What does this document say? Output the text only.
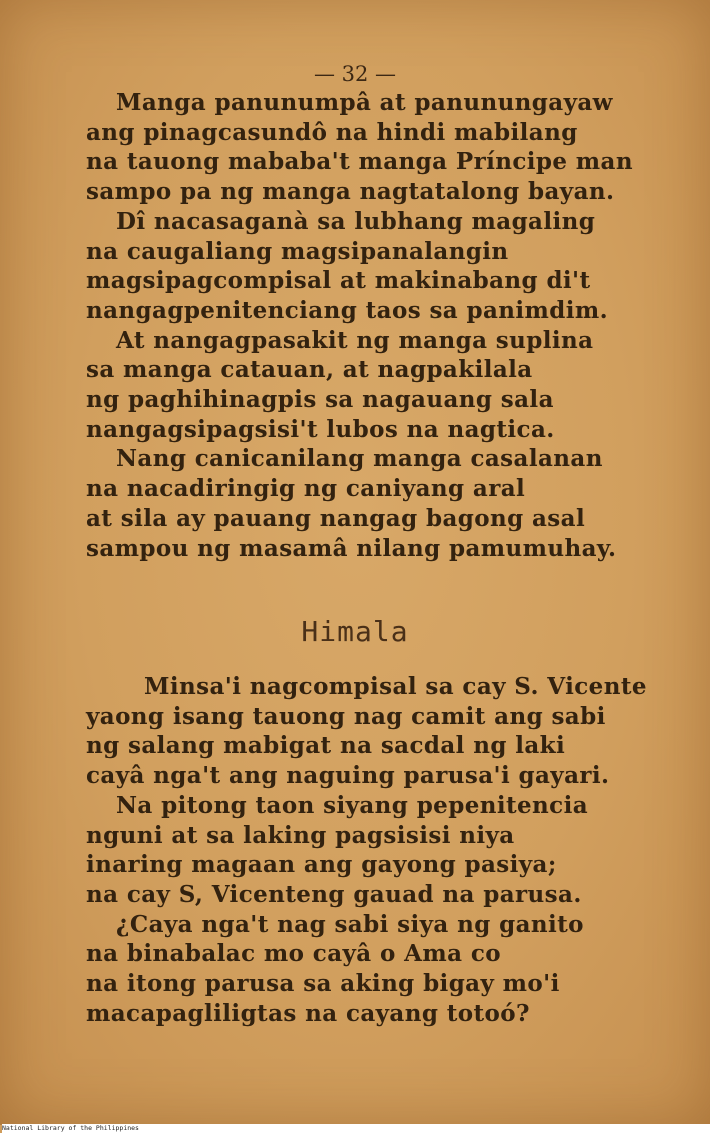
— 32 —
Manga panunumpâ at panunungayaw
ang pinagcasundô na hindi mabilang
na tauong mababa't manga Príncipe man
sampo pa ng manga nagtatalong bayan.
Dî nacasaganà sa lubhang magaling
na caugaliang magsipanalangin
magsipagcompisal at makinabang di't
nangagpenitenciang taos sa panimdim.
At nangagpasakit ng manga suplina
sa manga catauan, at nagpakilala
ng paghihinagpis sa nagauang sala
nangagsipagsisi't lubos na nagtica.
Nang canicanilang manga casalanan
na nacadiringig ng caniyang aral
at sila ay pauang nangag bagong asal
sampou ng masamâ nilang pamumuhay.
Himala
Minsa'i nagcompisal sa cay S. Vicente
yaong isang tauong nag camit ang sabi
ng salang mabigat na sacdal ng laki
cayâ nga't ang naguing parusa'i gayari.
Na pitong taon siyang pepenitencia
nguni at sa laking pagsisisi niya
inaring magaan ang gayong pasiya;
na cay S, Vicenteng gauad na parusa.
¿Caya nga't nag sabi siya ng ganito
na binabalac mo cayâ o Ama co
na itong parusa sa aking bigay mo'i
macapagliligtas na cayang totoó?
National Library of the Philippines
